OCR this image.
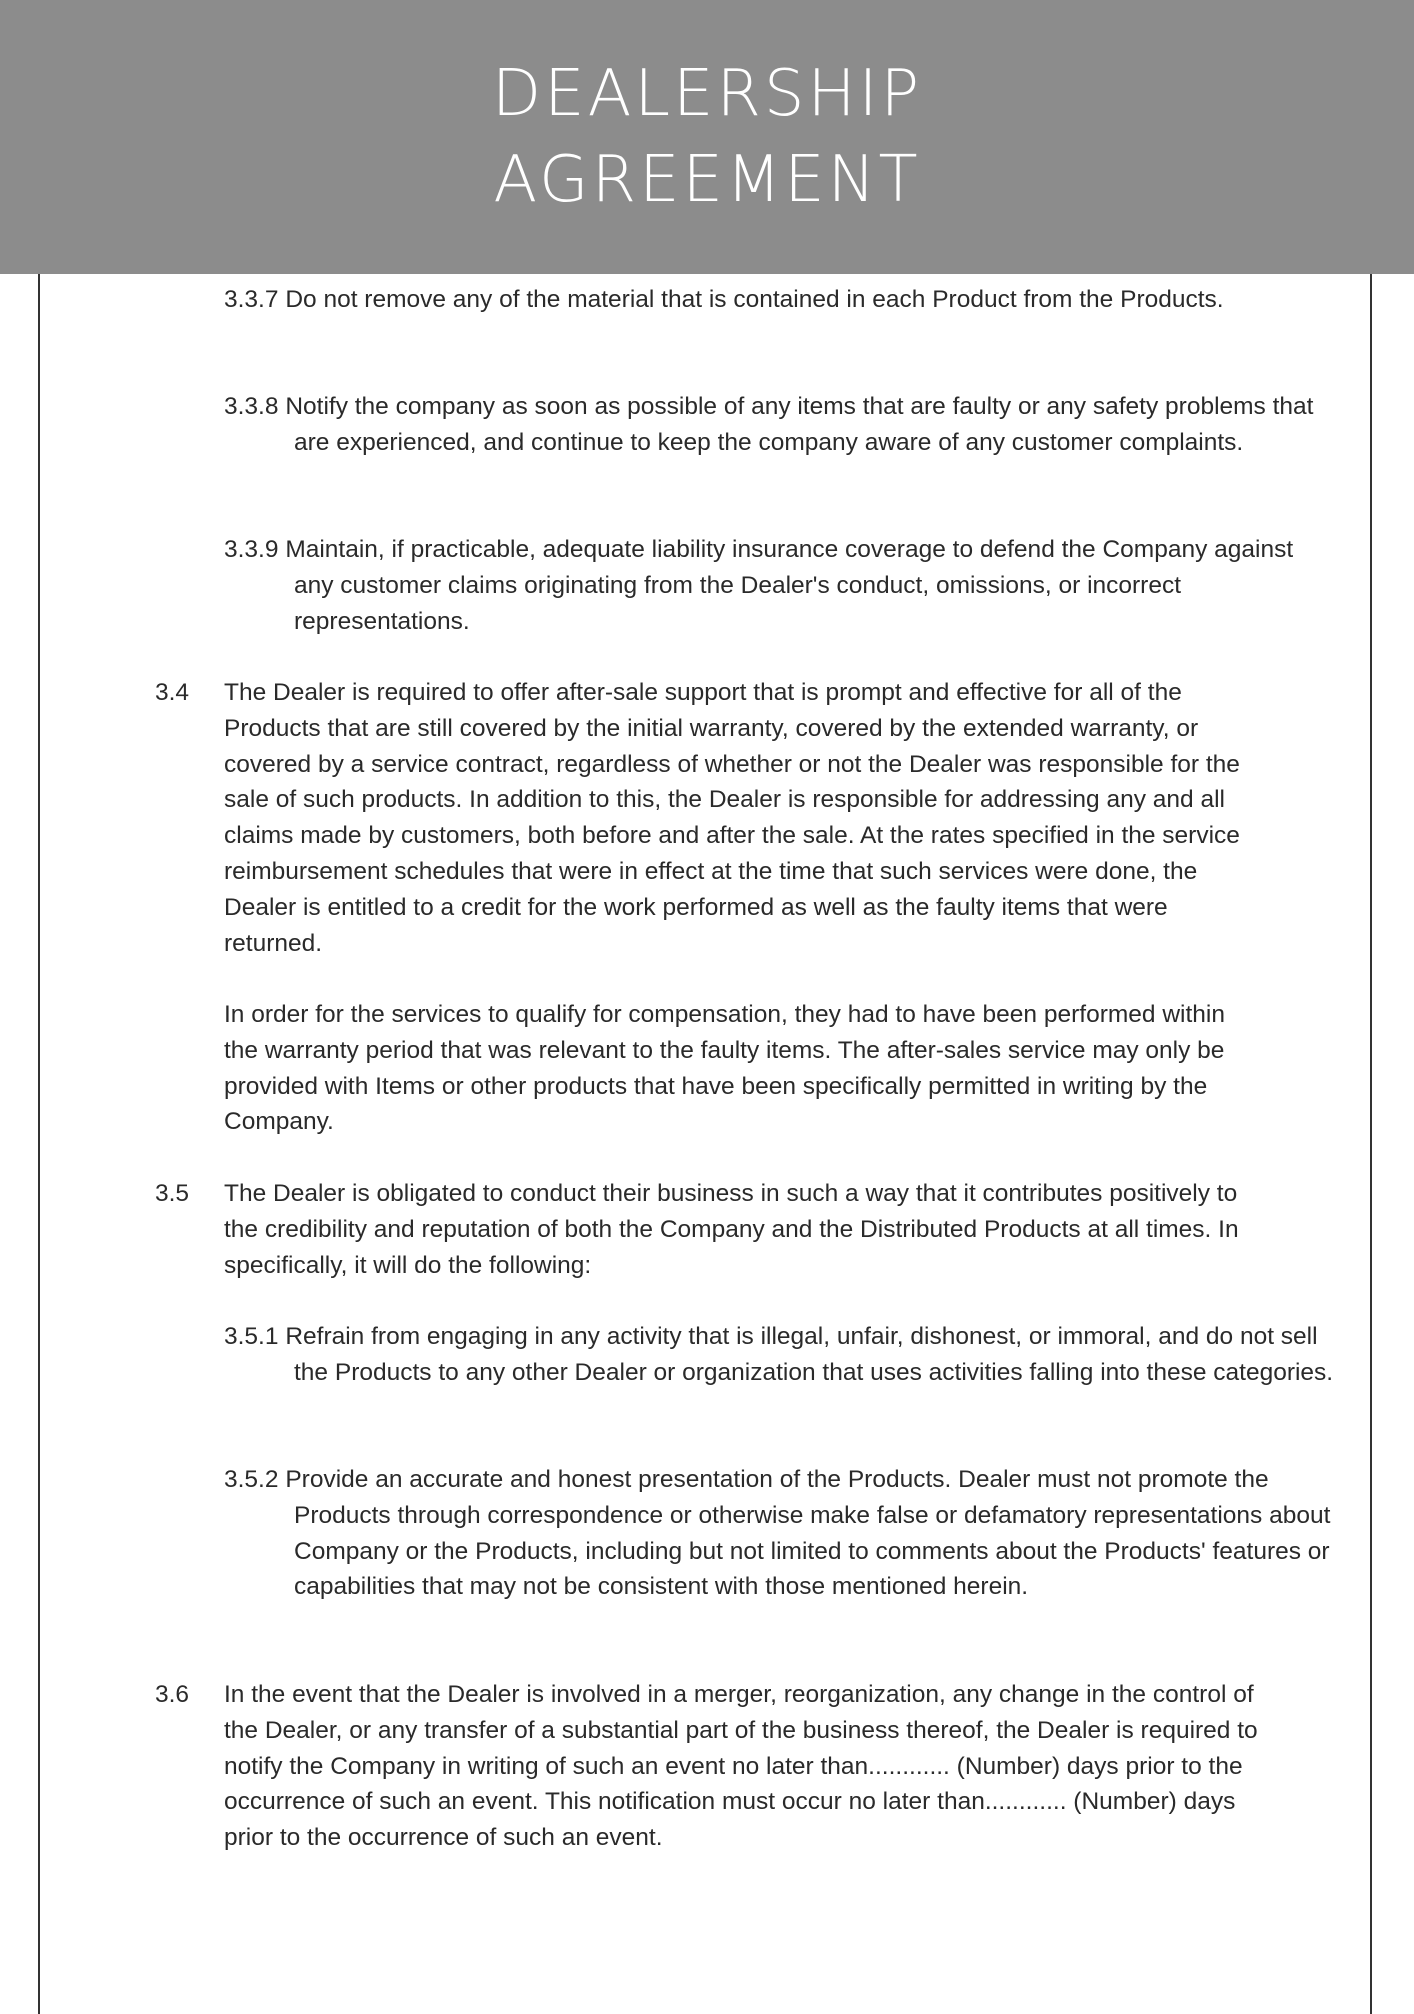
DEALERSHIP
AGREEMENT
3.3.7 Do not remove any of the material that is contained in each Product from the Products.
3.3.8 Notify the company as soon as possible of any items that are faulty or any safety problems that are experienced, and continue to keep the company aware of any customer complaints.
3.3.9 Maintain, if practicable, adequate liability insurance coverage to defend the Company against any customer claims originating from the Dealer's conduct, omissions, or incorrect representations.
3.4 The Dealer is required to offer after-sale support that is prompt and effective for all of the Products that are still covered by the initial warranty, covered by the extended warranty, or covered by a service contract, regardless of whether or not the Dealer was responsible for the sale of such products. In addition to this, the Dealer is responsible for addressing any and all claims made by customers, both before and after the sale. At the rates specified in the service reimbursement schedules that were in effect at the time that such services were done, the Dealer is entitled to a credit for the work performed as well as the faulty items that were returned.
In order for the services to qualify for compensation, they had to have been performed within the warranty period that was relevant to the faulty items. The after-sales service may only be provided with Items or other products that have been specifically permitted in writing by the Company.
3.5 The Dealer is obligated to conduct their business in such a way that it contributes positively to the credibility and reputation of both the Company and the Distributed Products at all times. In specifically, it will do the following:
3.5.1 Refrain from engaging in any activity that is illegal, unfair, dishonest, or immoral, and do not sell the Products to any other Dealer or organization that uses activities falling into these categories.
3.5.2 Provide an accurate and honest presentation of the Products. Dealer must not promote the Products through correspondence or otherwise make false or defamatory representations about Company or the Products, including but not limited to comments about the Products' features or capabilities that may not be consistent with those mentioned herein.
3.6 In the event that the Dealer is involved in a merger, reorganization, any change in the control of the Dealer, or any transfer of a substantial part of the business thereof, the Dealer is required to notify the Company in writing of such an event no later than............ (Number) days prior to the occurrence of such an event. This notification must occur no later than............ (Number) days prior to the occurrence of such an event.
